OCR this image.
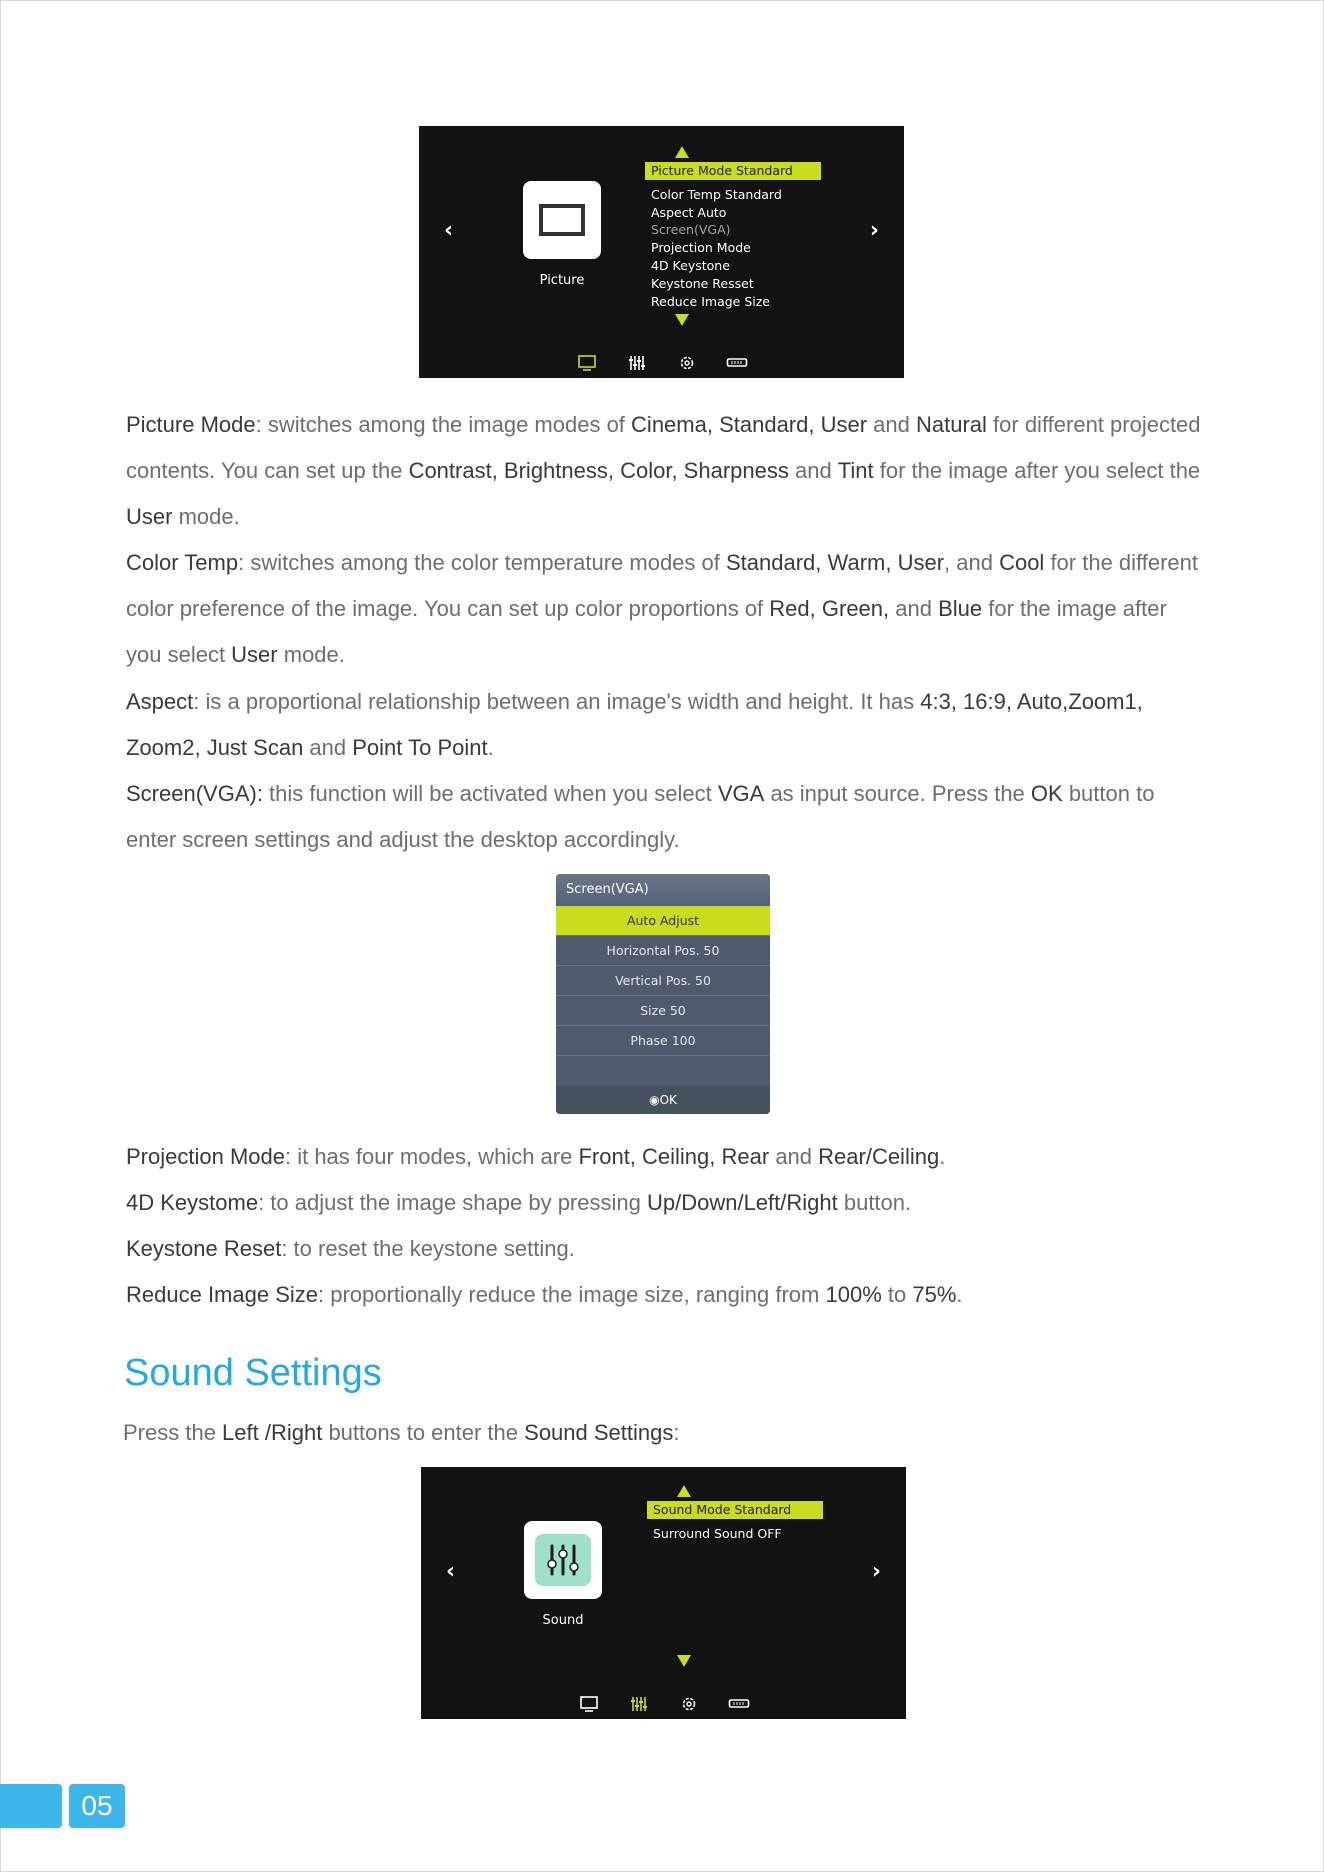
‹	›
Picture
Picture Mode Standard
Color Temp Standard
Aspect Auto
Screen(VGA)
Projection Mode
4D Keystone
Keystone Resset
Reduce Image Size
Picture Mode: switches among the image modes of Cinema, Standard, User and Natural for different projected contents. You can set up the Contrast, Brightness, Color, Sharpness and Tint for the image after you select the User mode.
Color Temp: switches among the color temperature modes of Standard, Warm, User, and Cool for the different color preference of the image. You can set up color proportions of Red, Green, and Blue for the image after you select User mode.
Aspect: is a proportional relationship between an image's width and height. It has 4:3, 16:9, Auto,Zoom1, Zoom2, Just Scan and Point To Point.
Screen(VGA): this function will be activated when you select VGA as input source. Press the OK button to enter screen settings and adjust the desktop accordingly.
Screen(VGA)
Auto Adjust
Horizontal Pos. 50
Vertical Pos. 50
Size 50
Phase 100
◉OK
Projection Mode: it has four modes, which are Front, Ceiling, Rear and Rear/Ceiling.
4D Keystome: to adjust the image shape by pressing Up/Down/Left/Right button.
Keystone Reset: to reset the keystone setting.
Reduce Image Size: proportionally reduce the image size, ranging from 100% to 75%.
Sound Settings
Press the Left /Right buttons to enter the Sound Settings:
‹	›
Sound
Sound Mode Standard
Surround Sound OFF
05
